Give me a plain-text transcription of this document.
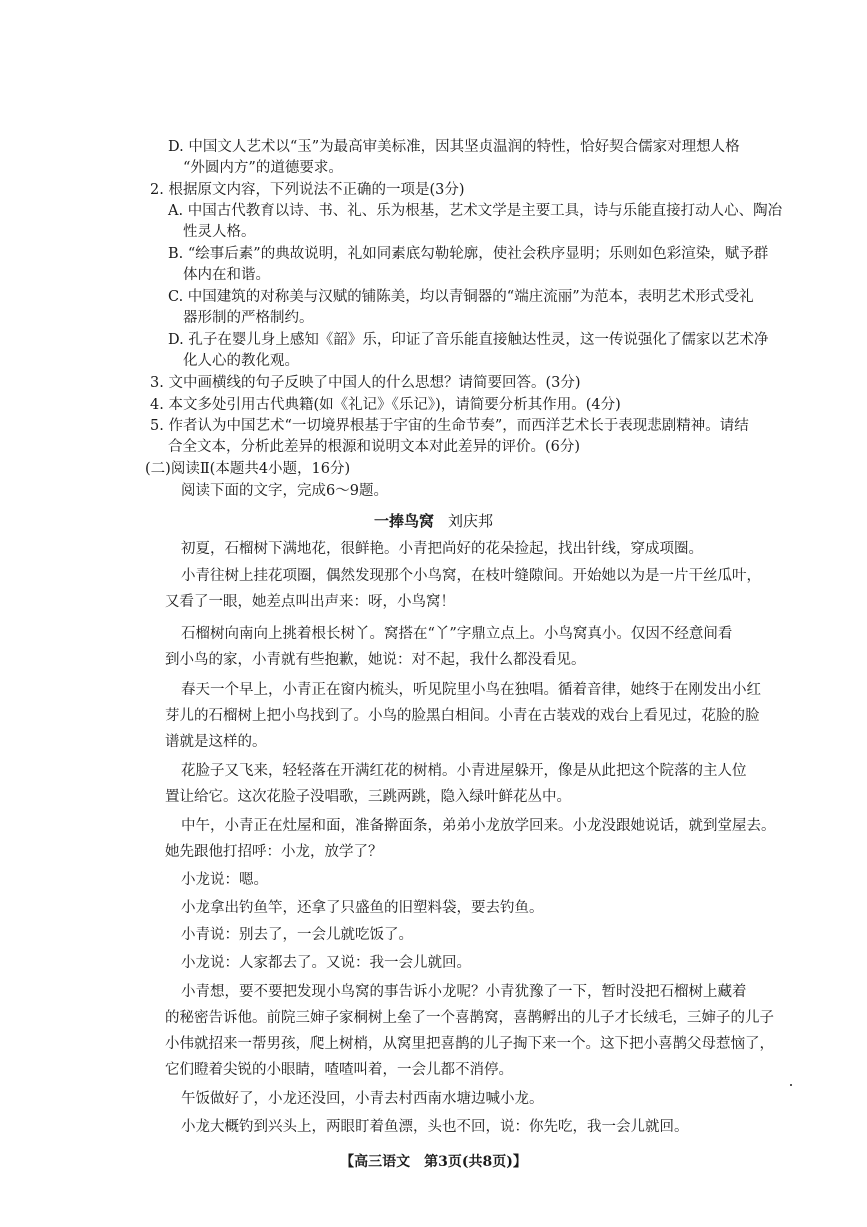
D. 中国文人艺术以“玉”为最高审美标准，因其坚贞温润的特性，恰好契合儒家对理想人格
“外圆内方”的道德要求。
2. 根据原文内容，下列说法不正确的一项是(3分)
A. 中国古代教育以诗、书、礼、乐为根基，艺术文学是主要工具，诗与乐能直接打动人心、陶冶
性灵人格。
B. “绘事后素”的典故说明，礼如同素底勾勒轮廓，使社会秩序显明；乐则如色彩渲染，赋予群
体内在和谐。
C. 中国建筑的对称美与汉赋的铺陈美，均以青铜器的“端庄流丽”为范本，表明艺术形式受礼
器形制的严格制约。
D. 孔子在婴儿身上感知《韶》乐，印证了音乐能直接触达性灵，这一传说强化了儒家以艺术净
化人心的教化观。
3. 文中画横线的句子反映了中国人的什么思想？请简要回答。(3分)
4. 本文多处引用古代典籍(如《礼记》《乐记》)，请简要分析其作用。(4分)
5. 作者认为中国艺术“一切境界根基于宇宙的生命节奏”，而西洋艺术长于表现悲剧精神。请结
合全文本，分析此差异的根源和说明文本对此差异的评价。(6分)
(二)阅读Ⅱ(本题共4小题，16分)
阅读下面的文字，完成6～9题。
一捧鸟窝 刘庆邦
初夏，石榴树下满地花，很鲜艳。小青把尚好的花朵捡起，找出针线，穿成项圈。
小青往树上挂花项圈，偶然发现那个小鸟窝，在枝叶缝隙间。开始她以为是一片干丝瓜叶，
又看了一眼，她差点叫出声来：呀，小鸟窝！
石榴树向南向上挑着根长树丫。窝搭在“丫”字鼎立点上。小鸟窝真小。仅因不经意间看
到小鸟的家，小青就有些抱歉，她说：对不起，我什么都没看见。
春天一个早上，小青正在窗内梳头，听见院里小鸟在独唱。循着音律，她终于在刚发出小红
芽儿的石榴树上把小鸟找到了。小鸟的脸黑白相间。小青在古装戏的戏台上看见过，花脸的脸
谱就是这样的。
花脸子又飞来，轻轻落在开满红花的树梢。小青进屋躲开，像是从此把这个院落的主人位
置让给它。这次花脸子没唱歌，三跳两跳，隐入绿叶鲜花丛中。
中午，小青正在灶屋和面，准备擀面条，弟弟小龙放学回来。小龙没跟她说话，就到堂屋去。
她先跟他打招呼：小龙，放学了？
小龙说：嗯。
小龙拿出钓鱼竿，还拿了只盛鱼的旧塑料袋，要去钓鱼。
小青说：别去了，一会儿就吃饭了。
小龙说：人家都去了。又说：我一会儿就回。
小青想，要不要把发现小鸟窝的事告诉小龙呢？小青犹豫了一下，暂时没把石榴树上藏着
的秘密告诉他。前院三婶子家桐树上垒了一个喜鹊窝，喜鹊孵出的儿子才长绒毛，三婶子的儿子
小伟就招来一帮男孩，爬上树梢，从窝里把喜鹊的儿子掏下来一个。这下把小喜鹊父母惹恼了，
它们瞪着尖锐的小眼睛，喳喳叫着，一会儿都不消停。
午饭做好了，小龙还没回，小青去村西南水塘边喊小龙。
小龙大概钓到兴头上，两眼盯着鱼漂，头也不回，说：你先吃，我一会儿就回。
【高三语文　第3页(共8页)】
